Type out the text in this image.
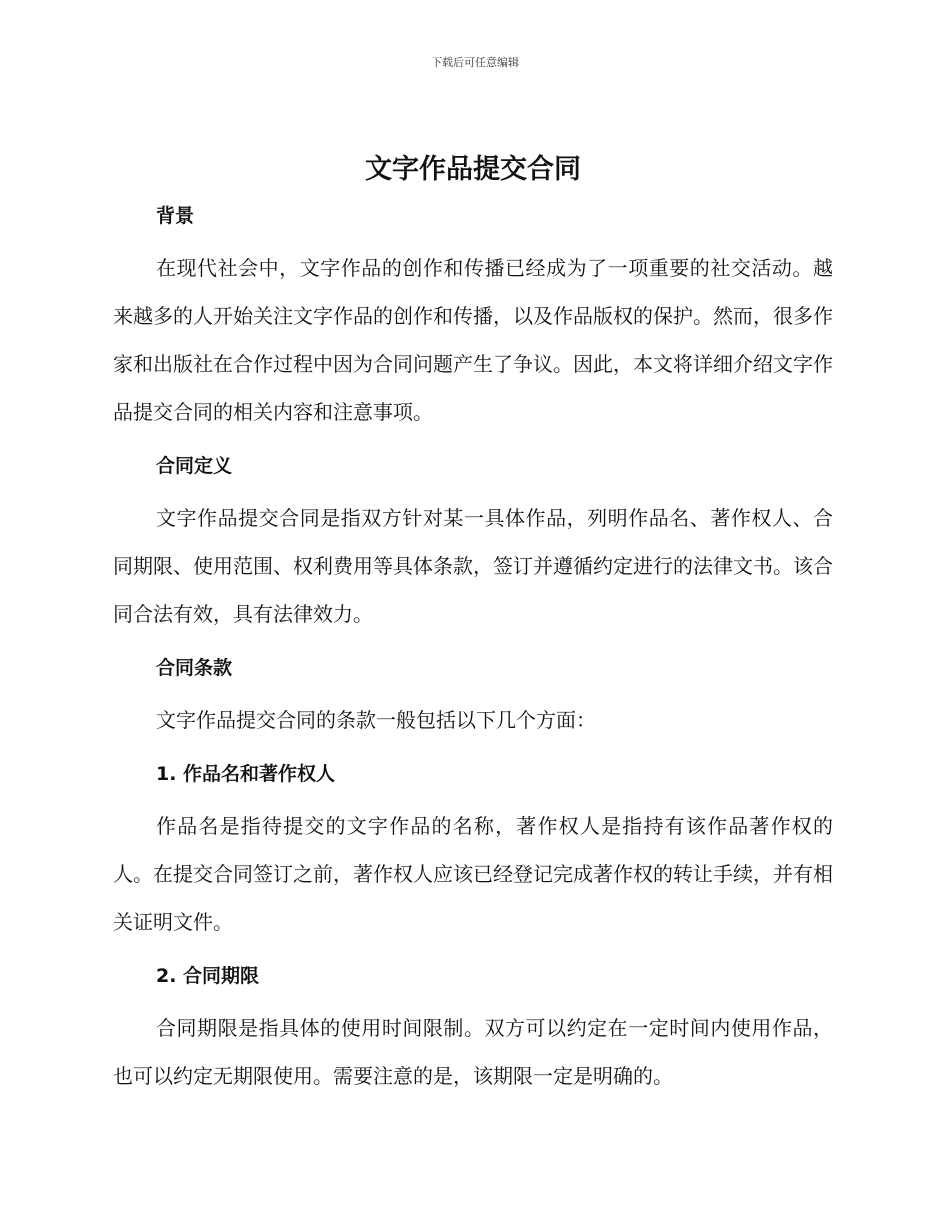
下载后可任意编辑
文字作品提交合同
背景

在现代社会中，文字作品的创作和传播已经成为了一项重要的社交活动。越来越多的人开始关注文字作品的创作和传播，以及作品版权的保护。然而，很多作家和出版社在合作过程中因为合同问题产生了争议。因此，本文将详细介绍文字作品提交合同的相关内容和注意事项。

合同定义

文字作品提交合同是指双方针对某一具体作品，列明作品名、著作权人、合同期限、使用范围、权利费用等具体条款，签订并遵循约定进行的法律文书。该合同合法有效，具有法律效力。

合同条款

文字作品提交合同的条款一般包括以下几个方面：

1. 作品名和著作权人

作品名是指待提交的文字作品的名称，著作权人是指持有该作品著作权的人。在提交合同签订之前，著作权人应该已经登记完成著作权的转让手续，并有相关证明文件。

2. 合同期限

合同期限是指具体的使用时间限制。双方可以约定在一定时间内使用作品，也可以约定无期限使用。需要注意的是，该期限一定是明确的。
